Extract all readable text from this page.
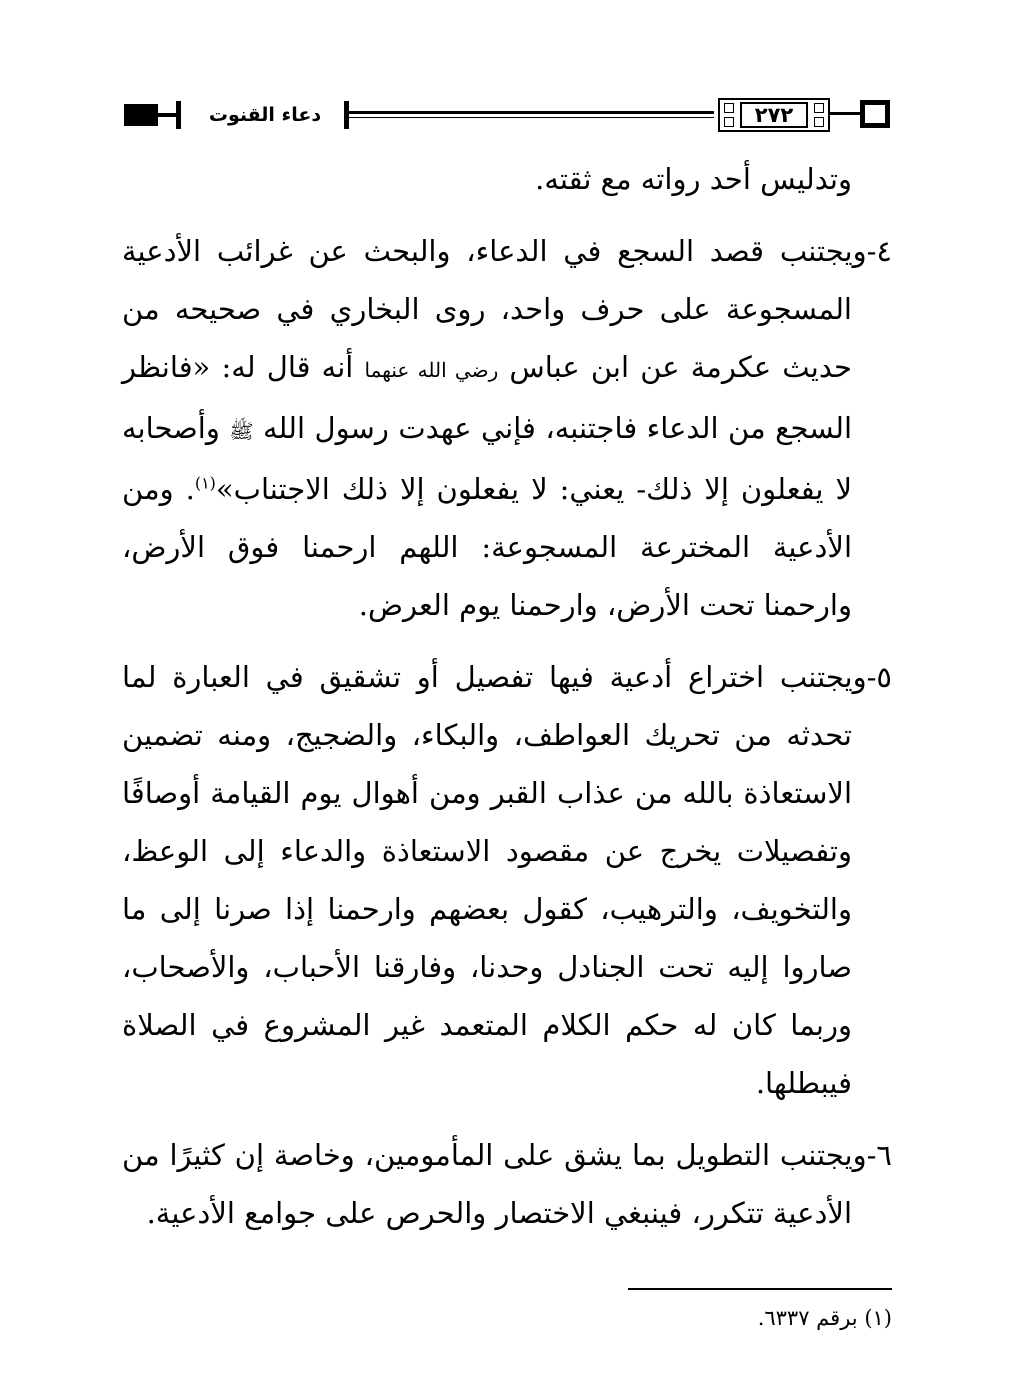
دعاء القنوت	٢٧٢

وتدليس أحد رواته مع ثقته.

٤-ويجتنب قصد السجع في الدعاء، والبحث عن غرائب الأدعية المسجوعة على حرف واحد، روى البخاري في صحيحه من حديث عكرمة عن ابن عباس رضي الله عنهما أنه قال له: «فانظر السجع من الدعاء فاجتنبه، فإني عهدت رسول الله ﷺ وأصحابه لا يفعلون إلا ذلك- يعني: لا يفعلون إلا ذلك الاجتناب»$^{(١)}$. ومن الأدعية المخترعة المسجوعة: اللهم ارحمنا فوق الأرض، وارحمنا تحت الأرض، وارحمنا يوم العرض.

٥-ويجتنب اختراع أدعية فيها تفصيل أو تشقيق في العبارة لما تحدثه من تحريك العواطف، والبكاء، والضجيج، ومنه تضمين الاستعاذة بالله من عذاب القبر ومن أهوال يوم القيامة أوصافًا وتفصيلات يخرج عن مقصود الاستعاذة والدعاء إلى الوعظ، والتخويف، والترهيب، كقول بعضهم وارحمنا إذا صرنا إلى ما صاروا إليه تحت الجنادل وحدنا، وفارقنا الأحباب، والأصحاب، وربما كان له حكم الكلام المتعمد غير المشروع في الصلاة فيبطلها.

٦-ويجتنب التطويل بما يشق على المأمومين، وخاصة إن كثيرًا من الأدعية تتكرر، فينبغي الاختصار والحرص على جوامع الأدعية.

(١) برقم ٦٣٣٧.
